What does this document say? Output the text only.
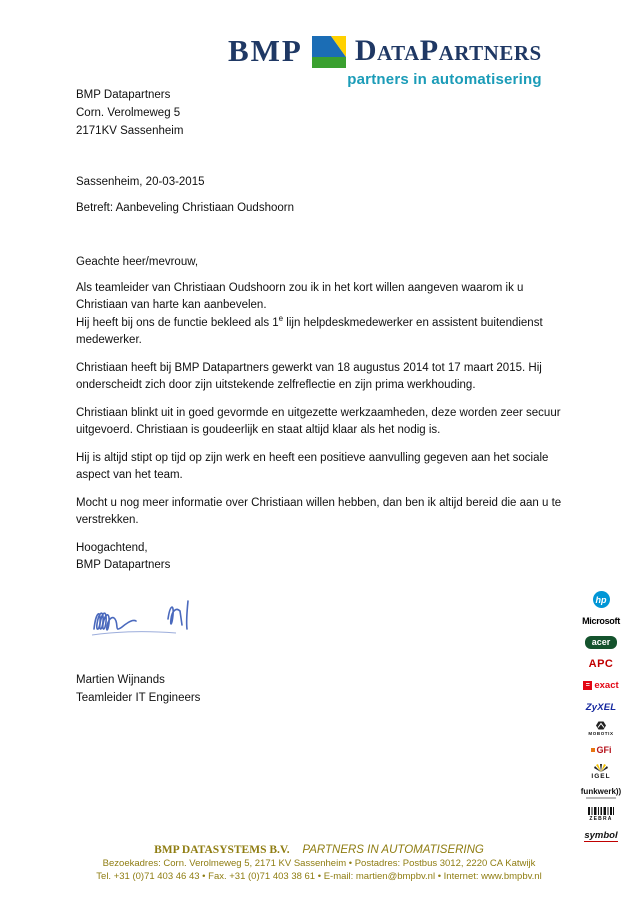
BMP DataPartners
partners in automatisering
BMP Datapartners
Corn. Verolmeweg 5
2171KV Sassenheim
Sassenheim, 20-03-2015
Betreft: Aanbeveling Christiaan Oudshoorn
Geachte heer/mevrouw,

Als teamleider van Christiaan Oudshoorn zou ik in het kort willen aangeven waarom ik u Christiaan van harte kan aanbevelen.
Hij heeft bij ons de functie bekleed als 1e lijn helpdeskmedewerker en assistent buitendienst medewerker.

Christiaan heeft bij BMP Datapartners gewerkt van 18 augustus 2014 tot 17 maart 2015. Hij onderscheidt zich door zijn uitstekende zelfreflectie en zijn prima werkhouding.

Christiaan blinkt uit in goed gevormde en uitgezette werkzaamheden, deze worden zeer secuur uitgevoerd. Christiaan is goudeerlijk en staat altijd klaar als het nodig is.

Hij is altijd stipt op tijd op zijn werk en heeft een positieve aanvulling gegeven aan het sociale aspect van het team.

Mocht u nog meer informatie over Christiaan willen hebben, dan ben ik altijd bereid die aan u te verstrekken.

Hoogachtend,
BMP Datapartners
Martien Wijnands
Teamleider IT Engineers
hp
Microsoft
acer
APC
= exact
ZyXEL
MOBOTIX
GFi
IGEL
funkwerk))
ZEBRA
symbol
BMP DATASYSTEMS B.V. PARTNERS IN AUTOMATISERING
Bezoekadres: Corn. Verolmeweg 5, 2171 KV Sassenheim • Postadres: Postbus 3012, 2220 CA Katwijk
Tel. +31 (0)71 403 46 43 • Fax. +31 (0)71 403 38 61 • E-mail: martien@bmpbv.nl • Internet: www.bmpbv.nl
